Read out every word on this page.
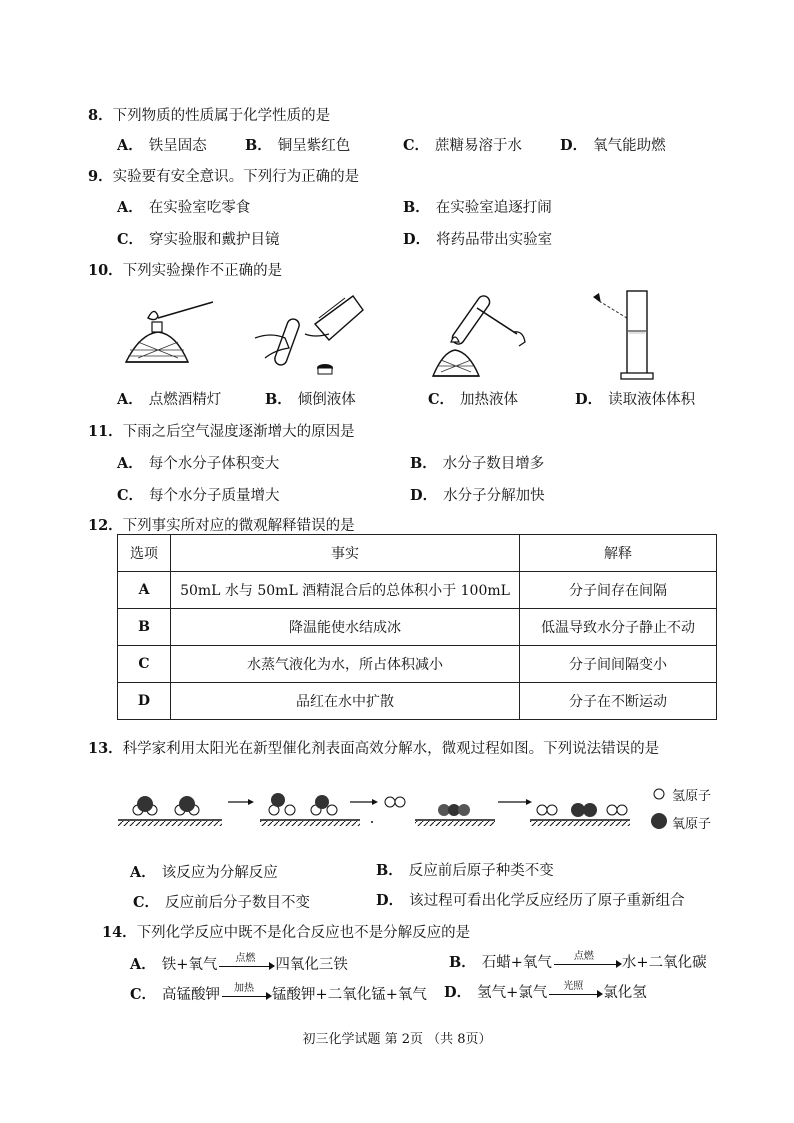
8．下列物质的性质属于化学性质的是
A． 铁呈固态	B． 铜呈紫红色	C． 蔗糖易溶于水	D． 氧气能助燃
9．实验要有安全意识。下列行为正确的是
A． 在实验室吃零食	B． 在实验室追逐打闹
C． 穿实验服和戴护目镜	D． 将药品带出实验室
10．下列实验操作不正确的是
A． 点燃酒精灯	B． 倾倒液体	C． 加热液体	D． 读取液体体积
11．下雨之后空气湿度逐渐增大的原因是
A． 每个水分子体积变大	B． 水分子数目增多
C． 每个水分子质量增大	D． 水分子分解加快
12．下列事实所对应的微观解释错误的是
选项	事实	解释
A	50mL 水与 50mL 酒精混合后的总体积小于 100mL	分子间存在间隔
B	降温能使水结成冰	低温导致水分子静止不动
C	水蒸气液化为水，所占体积减小	分子间间隔变小
D	品红在水中扩散	分子在不断运动
13．科学家利用太阳光在新型催化剂表面高效分解水，微观过程如图。下列说法错误的是
氢原子
氧原子
A． 该反应为分解反应	B． 反应前后原子种类不变
C． 反应前后分子数目不变	D． 该过程可看出化学反应经历了原子重新组合
14．下列化学反应中既不是化合反应也不是分解反应的是
A． 铁+氧气 点燃 四氧化三铁	B． 石蜡+氧气 点燃 水+二氧化碳
C． 高锰酸钾 加热 锰酸钾+二氧化锰+氧气 D． 氢气+氯气 光照 氯化氢
初三化学试题 第 2页 （共 8页）
